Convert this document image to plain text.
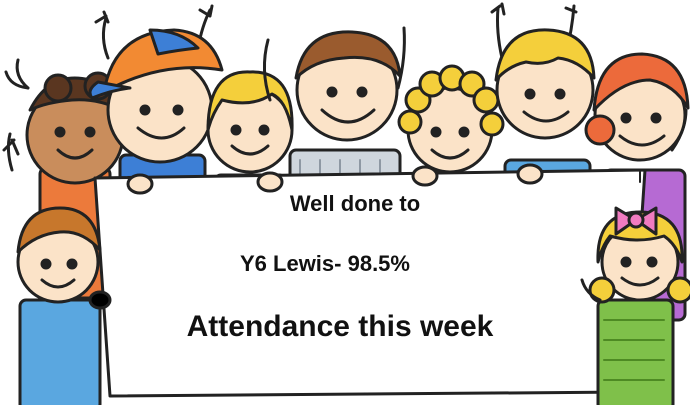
Well done to
Y6 Lewis- 98.5%
Attendance this week
